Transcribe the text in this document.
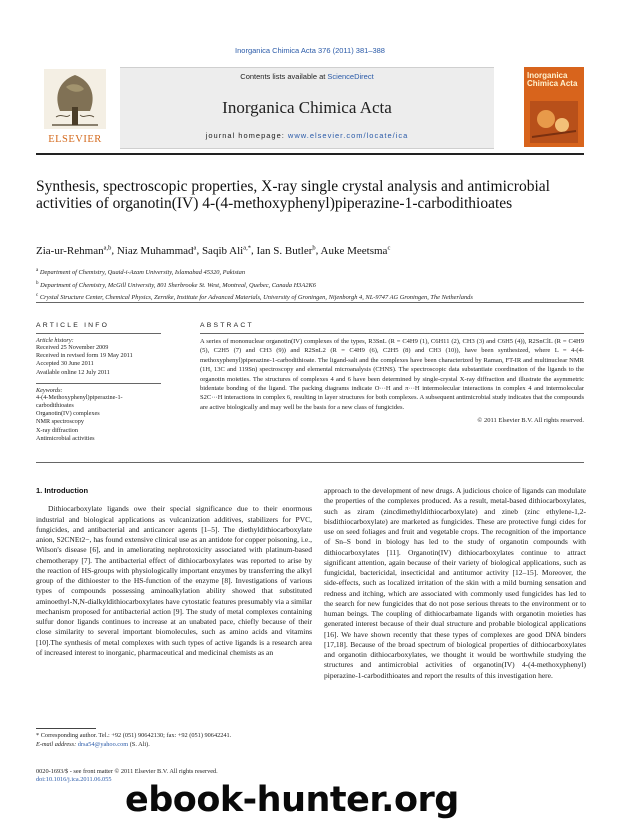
Inorganica Chimica Acta 376 (2011) 381–388
ELSEVIER
Contents lists available at ScienceDirect
Inorganica Chimica Acta
journal homepage: www.elsevier.com/locate/ica
Inorganica
Chimica Acta
Synthesis, spectroscopic properties, X-ray single crystal analysis and antimicrobial activities of organotin(IV) 4-(4-methoxyphenyl)piperazine-1-carbodithioates
Zia-ur-Rehman$^{a,b}$, Niaz Muhammad$^a$, Saqib Ali$^{a,*}$, Ian S. Butler$^b$, Auke Meetsma$^c$
$^a$ Department of Chemistry, Quaid-i-Azam University, Islamabad 45320, Pakistan
$^b$ Department of Chemistry, McGill University, 801 Sherbrooke St. West, Montreal, Quebec, Canada H3A2K6
$^c$ Crystal Structure Center, Chemical Physics, Zernike, Institute for Advanced Materials, University of Groningen, Nijenborgh 4, NL-9747 AG Groningen, The Netherlands
ARTICLE INFO
Article history:
Received 25 November 2009
Received in revised form 19 May 2011
Accepted 30 June 2011
Available online 12 July 2011
Keywords:
4-(4-Methoxyphenyl)piperazine-1-
carbodithioates
Organotin(IV) complexes
NMR spectroscopy
X-ray diffraction
Antimicrobial activities
ABSTRACT
A series of mononuclear organotin(IV) complexes of the types, R3SnL (R = C4H9 (1), C6H11 (2), CH3 (3) and C6H5 (4)), R2SnClL (R = C4H9 (5), C2H5 (7) and CH3 (9)) and R2SnL2 (R = C4H9 (6), C2H5 (8) and CH3 (10)), have been synthesized, where L = 4-(4-methoxyphenyl)piperazine-1-carbodithioate. The ligand-salt and the complexes have been characterized by Raman, FT-IR and multinuclear NMR (1H, 13C and 119Sn) spectroscopy and elemental microanalysis (CHNS). The spectroscopic data substantiate coordination of the ligands to the organotin moieties. The structures of complexes 4 and 6 have been determined by single-crystal X-ray diffraction and illustrate the asymmetric bidentate bonding of the ligand. The packing diagrams indicate O···H and π···H intermolecular interactions in complex 4 and intermolecular S2C···H interactions in complex 6, resulting in layer structures for both complexes. A subsequent antimicrobial study indicates that the compounds are active biologically and may well be the basis for a new class of fungicides.
© 2011 Elsevier B.V. All rights reserved.
1. Introduction
Dithiocarboxylate ligands owe their special significance due to their enormous industrial and biological applications as vulcanization additives, stabilizers for PVC, fungicides, and antibacterial and anticancer agents [1–5]. The diethyldithiocarboxylate anion, S2CNEt2−, has found extensive clinical use as an antidote for copper poisoning, i.e., Wilson's disease [6], and in ameliorating nephrotoxicity associated with platinum-based chemotherapy [7]. The antibacterial effect of dithiocarboxylates was reported to arise by the reaction of HS-groups with physiologically important enzymes by transferring the alkyl group of the dithioester to the HS-function of the enzyme [8]. Investigations of various types of compounds possessing aminoalkylation ability showed that substituted aminoethyl-N,N-dialkyldithiocarboxylates have cytostatic features presumably via a similar mechanism proposed for antibacterial action [9]. The study of metal complexes containing sulfur donor ligands continues to increase at an unabated pace, chiefly because of their close similarity to several important biomolecules, such as amino acids and vitamins [10].The synthesis of metal complexes with such types of active ligands is a research area of increased interest to inorganic, pharmaceutical and medicinal chemists as an
approach to the development of new drugs. A judicious choice of ligands can modulate the properties of the complexes produced. As a result, metal-based dithiocarboxylates, such as ziram (zincdimethyldithiocarboxylate) and zineb (zinc ethylene-1,2-bisdithiocarboxylate) are marketed as fungicides. These are protective fungi cides for use on seed foliages and fruit and vegetable crops. The recognition of the importance of Sn–S bond in biology has led to the study of organotin compounds with dithiocarboxylates [11]. Organotin(IV) dithiocarboxylates continue to attract significant attention, again because of their variety of biological applications, such as fungicidal, bactericidal, insecticidal and antitumor activity [12–15]. Moreover, the side-effects, such as localized irritation of the skin with a mild burning sensation and redness and itching, which are associated with commonly used fungicides has led to the search for new fungicides that do not pose serious threats to the environment or to human beings. The coupling of dithiocarbamate ligands with organotin moieties has generated interest because of their dual structure and probable biological applications [16]. We have shown recently that these types of complexes are good DNA binders [17,18]. Because of the broad spectrum of biological properties of dithiocarboxylates and organotin dithiocarboxylates, we thought it would be worthwhile studying the structures and antimicrobial activities of organotin(IV) 4-(4-methoxyphenyl) piperazine-1-carbodithioates and report the results of this investigation here.
* Corresponding author. Tel.: +92 (051) 90642130; fax: +92 (051) 90642241.
E-mail address: drsa54@yahoo.com (S. Ali).
0020-1693/$ - see front matter © 2011 Elsevier B.V. All rights reserved.
doi:10.1016/j.ica.2011.06.055
ebook-hunter.org
